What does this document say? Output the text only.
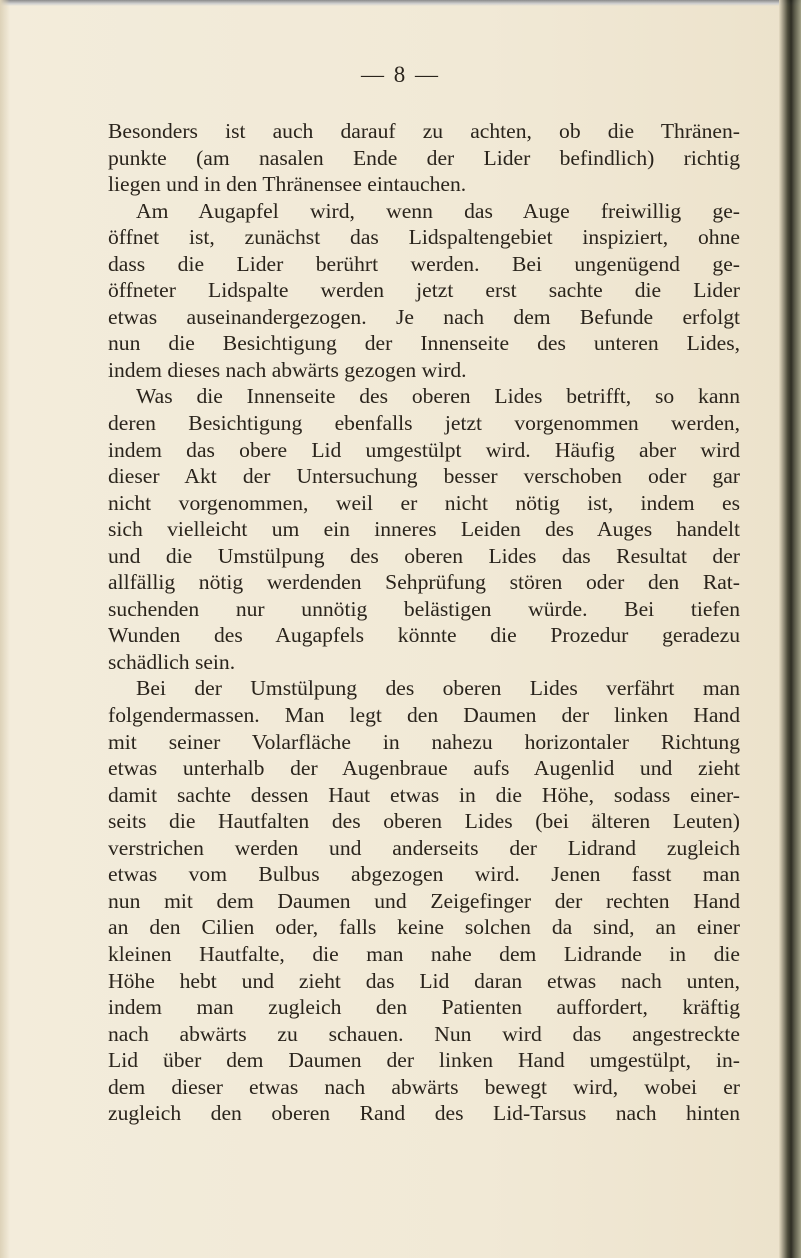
— 8 —

Besonders ist auch darauf zu achten, ob die Thränen-
punkte (am nasalen Ende der Lider befindlich) richtig
liegen und in den Thränensee eintauchen.
Am Augapfel wird, wenn das Auge freiwillig ge-
öffnet ist, zunächst das Lidspaltengebiet inspiziert, ohne
dass die Lider berührt werden. Bei ungenügend ge-
öffneter Lidspalte werden jetzt erst sachte die Lider
etwas auseinandergezogen. Je nach dem Befunde erfolgt
nun die Besichtigung der Innenseite des unteren Lides,
indem dieses nach abwärts gezogen wird.
Was die Innenseite des oberen Lides betrifft, so kann
deren Besichtigung ebenfalls jetzt vorgenommen werden,
indem das obere Lid umgestülpt wird. Häufig aber wird
dieser Akt der Untersuchung besser verschoben oder gar
nicht vorgenommen, weil er nicht nötig ist, indem es
sich vielleicht um ein inneres Leiden des Auges handelt
und die Umstülpung des oberen Lides das Resultat der
allfällig nötig werdenden Sehprüfung stören oder den Rat-
suchenden nur unnötig belästigen würde. Bei tiefen
Wunden des Augapfels könnte die Prozedur geradezu
schädlich sein.
Bei der Umstülpung des oberen Lides verfährt man
folgendermassen. Man legt den Daumen der linken Hand
mit seiner Volarfläche in nahezu horizontaler Richtung
etwas unterhalb der Augenbraue aufs Augenlid und zieht
damit sachte dessen Haut etwas in die Höhe, sodass einer-
seits die Hautfalten des oberen Lides (bei älteren Leuten)
verstrichen werden und anderseits der Lidrand zugleich
etwas vom Bulbus abgezogen wird. Jenen fasst man
nun mit dem Daumen und Zeigefinger der rechten Hand
an den Cilien oder, falls keine solchen da sind, an einer
kleinen Hautfalte, die man nahe dem Lidrande in die
Höhe hebt und zieht das Lid daran etwas nach unten,
indem man zugleich den Patienten auffordert, kräftig
nach abwärts zu schauen. Nun wird das angestreckte
Lid über dem Daumen der linken Hand umgestülpt, in-
dem dieser etwas nach abwärts bewegt wird, wobei er
zugleich den oberen Rand des Lid-Tarsus nach hinten
